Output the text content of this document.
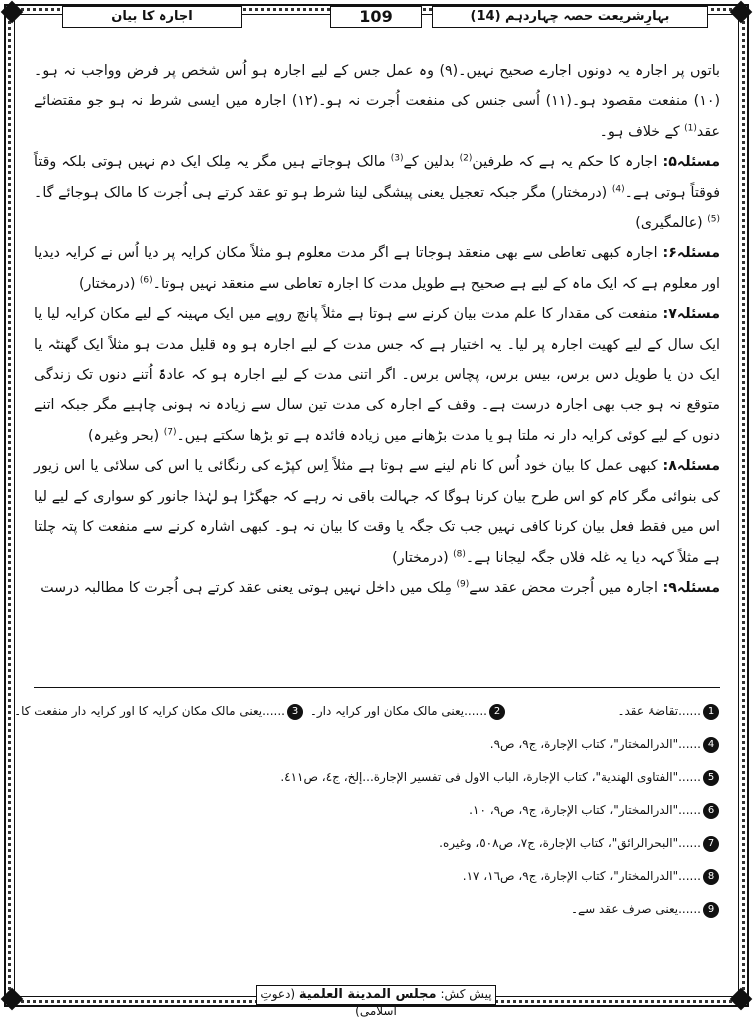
بہارِشریعت حصہ چہاردہم (14)
109
اجارہ کا بیان

باتوں پر اجارہ یہ دونوں اجارے صحیح نہیں۔(۹) وہ عمل جس کے لیے اجارہ ہو اُس شخص پر فرض وواجب نہ ہو۔(۱۰) منفعت مقصود ہو۔(۱۱) اُسی جنس کی منفعت اُجرت نہ ہو۔(۱۲) اجارہ میں ایسی شرط نہ ہو جو مقتضائے عقد$^{(1)}$ کے خلاف ہو۔

مسئلہ۵: اجارہ کا حکم یہ ہے کہ طرفین$^{(2)}$ بدلین کے$^{(3)}$ مالک ہوجاتے ہیں مگر یہ مِلک ایک دم نہیں ہوتی بلکہ وقتاً فوقتاً ہوتی ہے۔$^{(4)}$ (درمختار) مگر جبکہ تعجیل یعنی پیشگی لینا شرط ہو تو عقد کرتے ہی اُجرت کا مالک ہوجائے گا۔$^{(5)}$ (عالمگیری)

مسئلہ۶: اجارہ کبھی تعاطی سے بھی منعقد ہوجاتا ہے اگر مدت معلوم ہو مثلاً مکان کرایہ پر دیا اُس نے کرایہ دیدیا اور معلوم ہے کہ ایک ماہ کے لیے ہے صحیح ہے طویل مدت کا اجارہ تعاطی سے منعقد نہیں ہوتا۔$^{(6)}$ (درمختار)

مسئلہ۷: منفعت کی مقدار کا علم مدت بیان کرنے سے ہوتا ہے مثلاً پانچ روپے میں ایک مہینہ کے لیے مکان کرایہ لیا یا ایک سال کے لیے کھیت اجارہ پر لیا۔ یہ اختیار ہے کہ جس مدت کے لیے اجارہ ہو وہ قلیل مدت ہو مثلاً ایک گھنٹہ یا ایک دن یا طویل دس برس، بیس برس، پچاس برس۔ اگر اتنی مدت کے لیے اجارہ ہو کہ عادۃً اُتنے دنوں تک زندگی متوقع نہ ہو جب بھی اجارہ درست ہے۔ وقف کے اجارہ کی مدت تین سال سے زیادہ نہ ہونی چاہیے مگر جبکہ اتنے دنوں کے لیے کوئی کرایہ دار نہ ملتا ہو یا مدت بڑھانے میں زیادہ فائدہ ہے تو بڑھا سکتے ہیں۔$^{(7)}$ (بحر وغیرہ)

مسئلہ۸: کبھی عمل کا بیان خود اُس کا نام لینے سے ہوتا ہے مثلاً اِس کپڑے کی رنگائی یا اس کی سلائی یا اس زیور کی بنوائی مگر کام کو اس طرح بیان کرنا ہوگا کہ جہالت باقی نہ رہے کہ جھگڑا ہو لہٰذا جانور کو سواری کے لیے لیا اس میں فقط فعل بیان کرنا کافی نہیں جب تک جگہ یا وقت کا بیان نہ ہو۔ کبھی اشارہ کرنے سے منفعت کا پتہ چلتا ہے مثلاً کہہ دیا یہ غلہ فلاں جگہ لیجانا ہے۔$^{(8)}$ (درمختار)

مسئلہ۹: اجارہ میں اُجرت محض عقد سے$^{(9)}$ مِلک میں داخل نہیں ہوتی یعنی عقد کرتے ہی اُجرت کا مطالبہ درست

1......تقاضۂ عقد۔
2......یعنی مالک مکان اور کرایہ دار۔
3......یعنی مالک مکان کرایہ کا اور کرایہ دار منفعت کا۔
4......"الدرالمختار"، كتاب الإجارة، ج٩، ص٩.
5......"الفتاوى الهندية"، كتاب الإجارة، الباب الاول فی تفسير الإجارة...إلخ، ج٤، ص٤١١.
6......"الدرالمختار"، كتاب الإجارة، ج٩، ص٩، ١٠.
7......"البحرالرائق"، كتاب الإجارة، ج٧، ص٥٠٨، وغيره.
8......"الدرالمختار"، كتاب الإجارة، ج٩، ص١٦، ١٧.
9......یعنی صرف عقد سے۔
پیش کش: مجلس المدینة العلمیة (دعوتِ اسلامی)
